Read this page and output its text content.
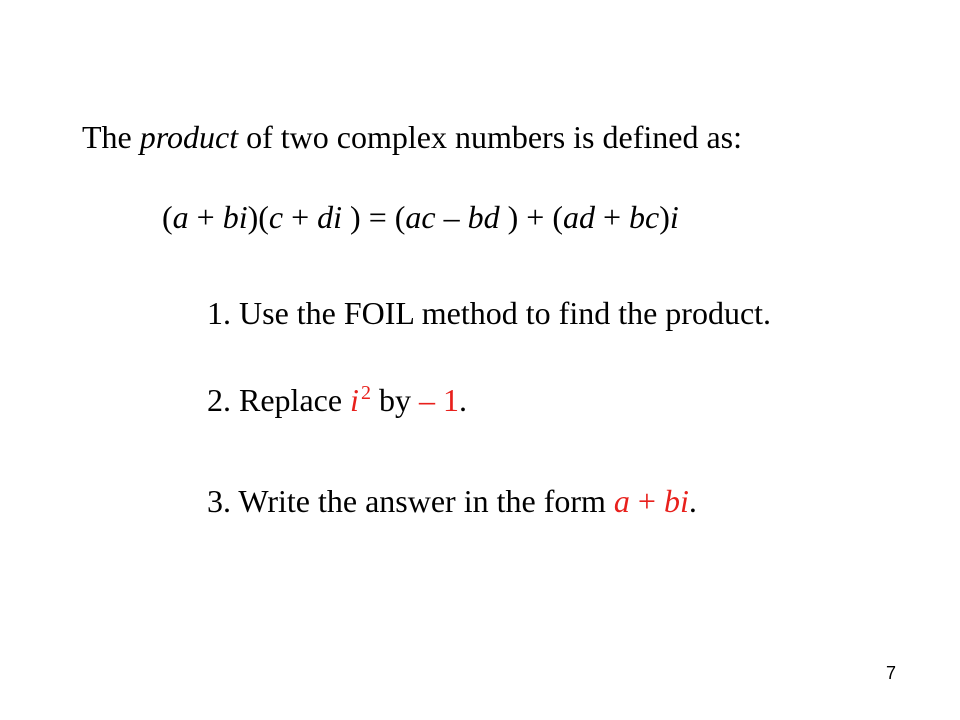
The product of two complex numbers is defined as:
(a + bi)(c + di ) = (ac – bd ) + (ad + bc)i
1. Use the FOIL method to find the product.
2. Replace i $^2$ by – 1.
3. Write the answer in the form a + bi.
7
